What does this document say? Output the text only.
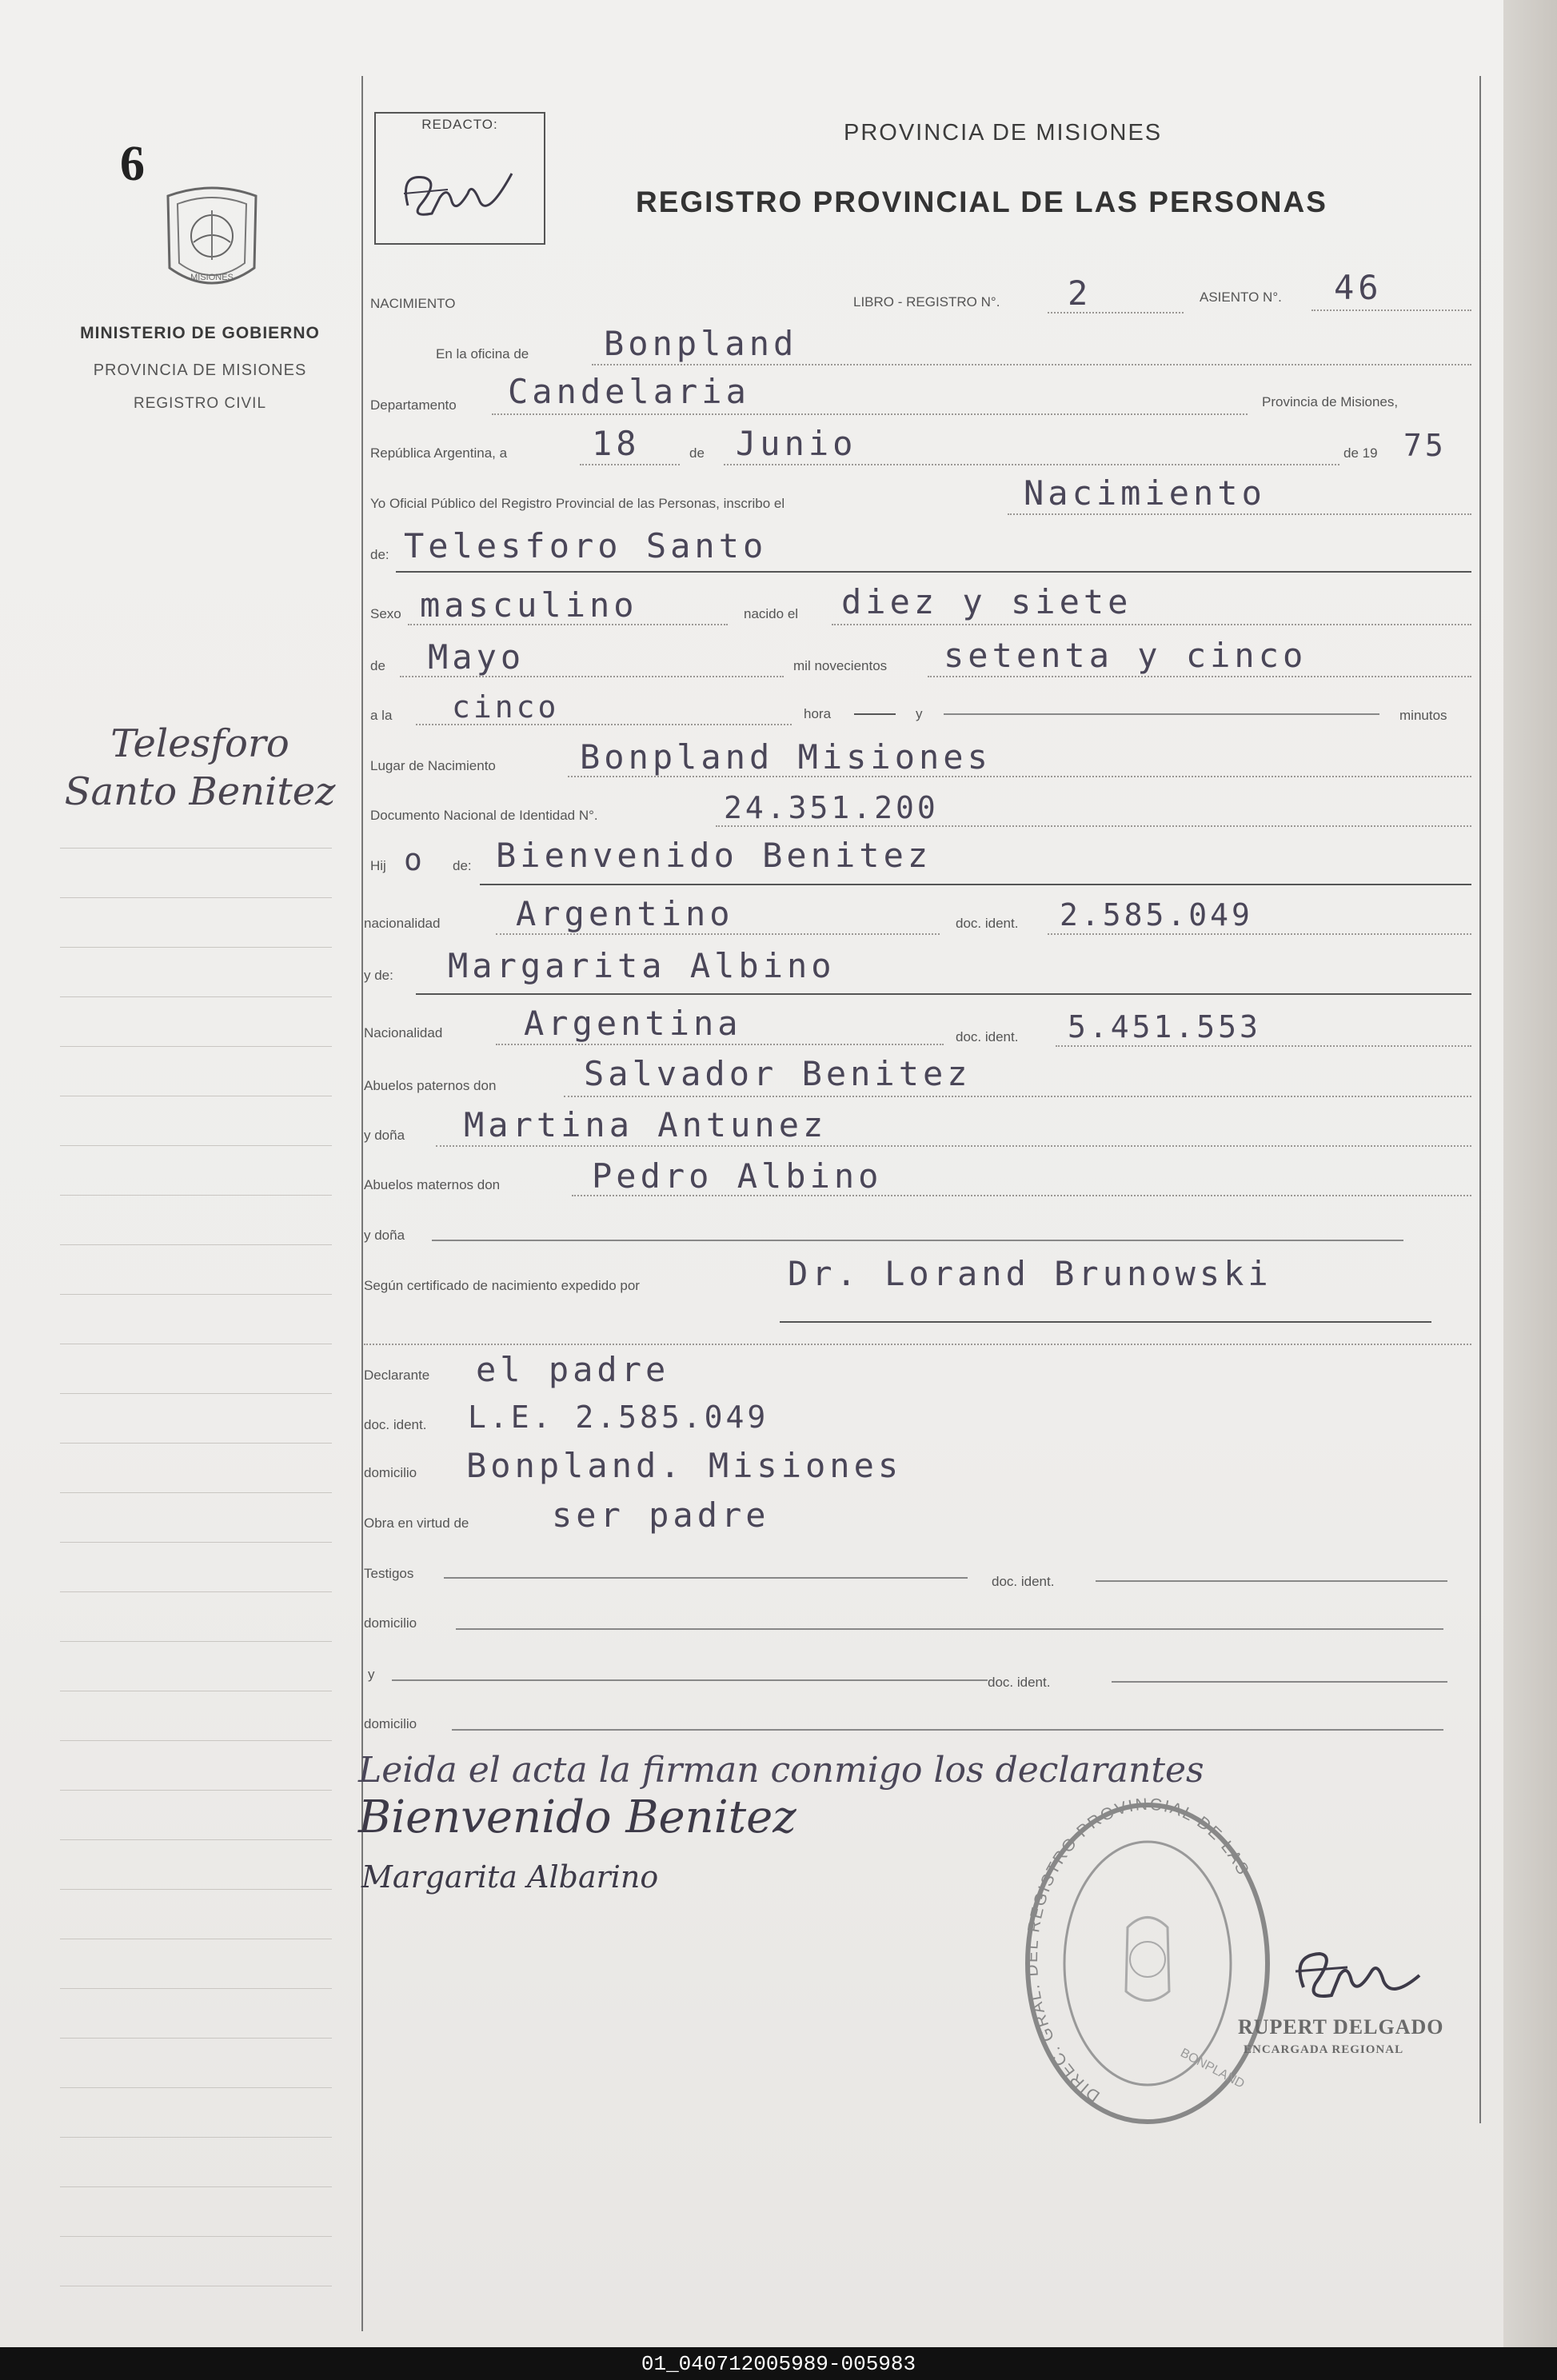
6
MISIONES
MINISTERIO DE GOBIERNO
PROVINCIA DE MISIONES
REGISTRO CIVIL
Telesforo Santo Benitez
REDACTO:	PROVINCIA DE MISIONES
REGISTRO PROVINCIAL DE LAS PERSONAS
NACIMIENTO	LIBRO - REGISTRO N°. 2	ASIENTO N°. 46
En la oficina de Bonpland
Departamento Candelaria	Provincia de Misiones,
República Argentina, a	18	de Junio	de 19 75
Yo Oficial Público del Registro Provincial de las Personas, inscribo el	Nacimiento
de: Telesforo Santo
Sexo masculino	nacido el diez y siete
de Mayo	mil novecientos setenta y cinco
a la cinco	hora	y	minutos
Lugar de Nacimiento	Bonpland Misiones
Documento Nacional de Identidad N°.	24.351.200
Hij o de: Bienvenido Benitez
nacionalidad Argentino	doc. ident. 2.585.049
y de: Margarita Albino
Nacionalidad Argentina	doc. ident. 5.451.553
Abuelos paternos don	Salvador Benitez
y doña Martina Antunez
Abuelos maternos don	Pedro Albino
y doña
Según certificado de nacimiento expedido por	Dr. Lorand Brunowski
Declarante el padre
doc. ident. L.E. 2.585.049
domicilio Bonpland. Misiones
Obra en virtud de ser padre
Testigos
doc. ident.
domicilio
y
doc. ident.
domicilio
Leida el acta la firman conmigo los declarantes
Bienvenido Benitez
Margarita Albarino
DIREC. GRAL. DEL REGISTRO PROVINCIAL DE LAS
BONPLAND
RUPERT DELGADO
ENCARGADA REGIONAL
01_040712005989-005983
